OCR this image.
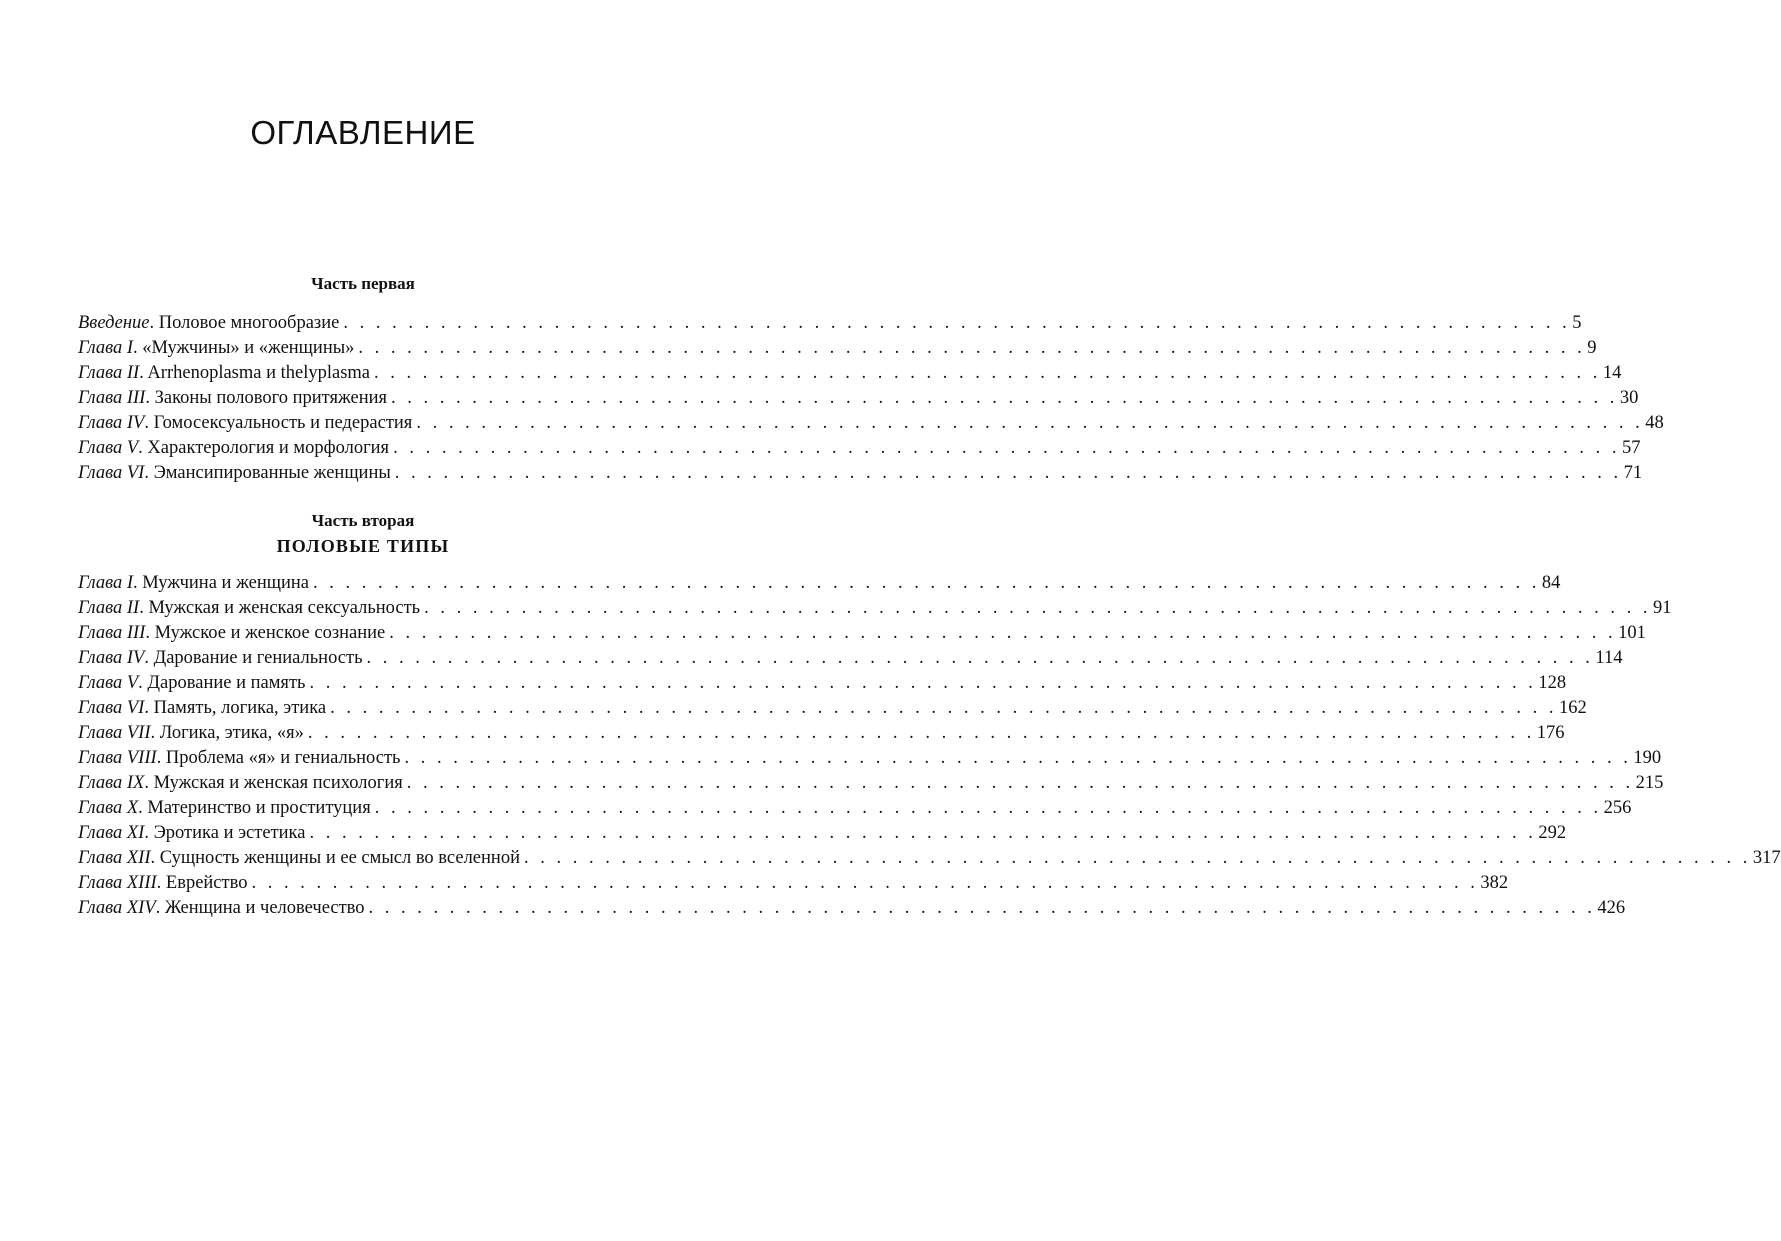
ОГЛАВЛЕНИЕ
Часть первая
Введение. Половое многообразие . . . . . . . . . . . . . . . . . . . . . . . . . . . . . . . . . . . . . . . . . . . . . . . . . . . . . . . . . . . . . . . . . . . . . . . . . . . . 5
Глава I. «Мужчины» и «женщины» . . . . . . . . . . . . . . . . . . . . . . . . . . . . . . . . . . . . . . . . . . . . . . . . . . . . . . . . . . . . . . . . . . . . . . . . . . . . 9
Глава II. Arrhenoplasma и thelyplasma . . . . . . . . . . . . . . . . . . . . . . . . . . . . . . . . . . . . . . . . . . . . . . . . . . . . . . . . . . . . . . . . . . . . . . . . . . . . 14
Глава III. Законы полового притяжения . . . . . . . . . . . . . . . . . . . . . . . . . . . . . . . . . . . . . . . . . . . . . . . . . . . . . . . . . . . . . . . . . . . . . . . . . . . . 30
Глава IV. Гомосексуальность и педерастия . . . . . . . . . . . . . . . . . . . . . . . . . . . . . . . . . . . . . . . . . . . . . . . . . . . . . . . . . . . . . . . . . . . . . . . . . . . . 48
Глава V. Характерология и морфология . . . . . . . . . . . . . . . . . . . . . . . . . . . . . . . . . . . . . . . . . . . . . . . . . . . . . . . . . . . . . . . . . . . . . . . . . . . . 57
Глава VI. Эмансипированные женщины . . . . . . . . . . . . . . . . . . . . . . . . . . . . . . . . . . . . . . . . . . . . . . . . . . . . . . . . . . . . . . . . . . . . . . . . . . . . 71
Часть вторая
ПОЛОВЫЕ ТИПЫ
Глава I. Мужчина и женщина . . . . . . . . . . . . . . . . . . . . . . . . . . . . . . . . . . . . . . . . . . . . . . . . . . . . . . . . . . . . . . . . . . . . . . . . . . . . 84
Глава II. Мужская и женская сексуальность . . . . . . . . . . . . . . . . . . . . . . . . . . . . . . . . . . . . . . . . . . . . . . . . . . . . . . . . . . . . . . . . . . . . . . . . . . . . 91
Глава III. Мужское и женское сознание . . . . . . . . . . . . . . . . . . . . . . . . . . . . . . . . . . . . . . . . . . . . . . . . . . . . . . . . . . . . . . . . . . . . . . . . . . . . 101
Глава IV. Дарование и гениальность . . . . . . . . . . . . . . . . . . . . . . . . . . . . . . . . . . . . . . . . . . . . . . . . . . . . . . . . . . . . . . . . . . . . . . . . . . . . 114
Глава V. Дарование и память . . . . . . . . . . . . . . . . . . . . . . . . . . . . . . . . . . . . . . . . . . . . . . . . . . . . . . . . . . . . . . . . . . . . . . . . . . . . 128
Глава VI. Память, логика, этика . . . . . . . . . . . . . . . . . . . . . . . . . . . . . . . . . . . . . . . . . . . . . . . . . . . . . . . . . . . . . . . . . . . . . . . . . . . . 162
Глава VII. Логика, этика, «я» . . . . . . . . . . . . . . . . . . . . . . . . . . . . . . . . . . . . . . . . . . . . . . . . . . . . . . . . . . . . . . . . . . . . . . . . . . . . 176
Глава VIII. Проблема «я» и гениальность . . . . . . . . . . . . . . . . . . . . . . . . . . . . . . . . . . . . . . . . . . . . . . . . . . . . . . . . . . . . . . . . . . . . . . . . . . . . 190
Глава IX. Мужская и женская психология . . . . . . . . . . . . . . . . . . . . . . . . . . . . . . . . . . . . . . . . . . . . . . . . . . . . . . . . . . . . . . . . . . . . . . . . . . . . 215
Глава X. Материнство и проституция . . . . . . . . . . . . . . . . . . . . . . . . . . . . . . . . . . . . . . . . . . . . . . . . . . . . . . . . . . . . . . . . . . . . . . . . . . . . 256
Глава XI. Эротика и эстетика . . . . . . . . . . . . . . . . . . . . . . . . . . . . . . . . . . . . . . . . . . . . . . . . . . . . . . . . . . . . . . . . . . . . . . . . . . . . 292
Глава XII. Сущность женщины и ее смысл во вселенной . . . . . . . . . . . . . . . . . . . . . . . . . . . . . . . . . . . . . . . . . . . . . . . . . . . . . . . . . . . . . . . . . . . . . . . . . . . . 317
Глава XIII. Еврейство . . . . . . . . . . . . . . . . . . . . . . . . . . . . . . . . . . . . . . . . . . . . . . . . . . . . . . . . . . . . . . . . . . . . . . . . . . . . 382
Глава XIV. Женщина и человечество . . . . . . . . . . . . . . . . . . . . . . . . . . . . . . . . . . . . . . . . . . . . . . . . . . . . . . . . . . . . . . . . . . . . . . . . . . . . 426
